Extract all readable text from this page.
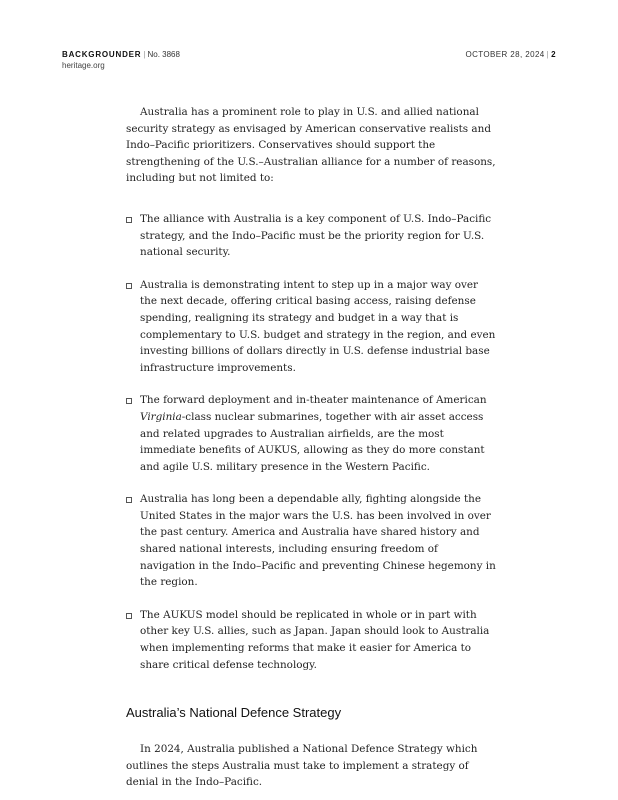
BACKGROUNDER | No. 3868
heritage.org
OCTOBER 28, 2024 | 2

Australia has a prominent role to play in U.S. and allied national security strategy as envisaged by American conservative realists and Indo–Pacific prioritizers. Conservatives should support the strengthening of the U.S.–Australian alliance for a number of reasons, including but not limited to:

The alliance with Australia is a key component of U.S. Indo–Pacific strategy, and the Indo–Pacific must be the priority region for U.S. national security.
Australia is demonstrating intent to step up in a major way over the next decade, offering critical basing access, raising defense spending, realigning its strategy and budget in a way that is complementary to U.S. budget and strategy in the region, and even investing billions of dollars directly in U.S. defense industrial base infrastructure improvements.
The forward deployment and in-theater maintenance of American Virginia-class nuclear submarines, together with air asset access and related upgrades to Australian airfields, are the most immediate benefits of AUKUS, allowing as they do more constant and agile U.S. military presence in the Western Pacific.
Australia has long been a dependable ally, fighting alongside the United States in the major wars the U.S. has been involved in over the past century. America and Australia have shared history and shared national interests, including ensuring freedom of navigation in the Indo–Pacific and preventing Chinese hegemony in the region.
The AUKUS model should be replicated in whole or in part with other key U.S. allies, such as Japan. Japan should look to Australia when implementing reforms that make it easier for America to share critical defense technology.
Australia’s National Defence Strategy

In 2024, Australia published a National Defence Strategy which outlines the steps Australia must take to implement a strategy of denial in the Indo–Pacific.
